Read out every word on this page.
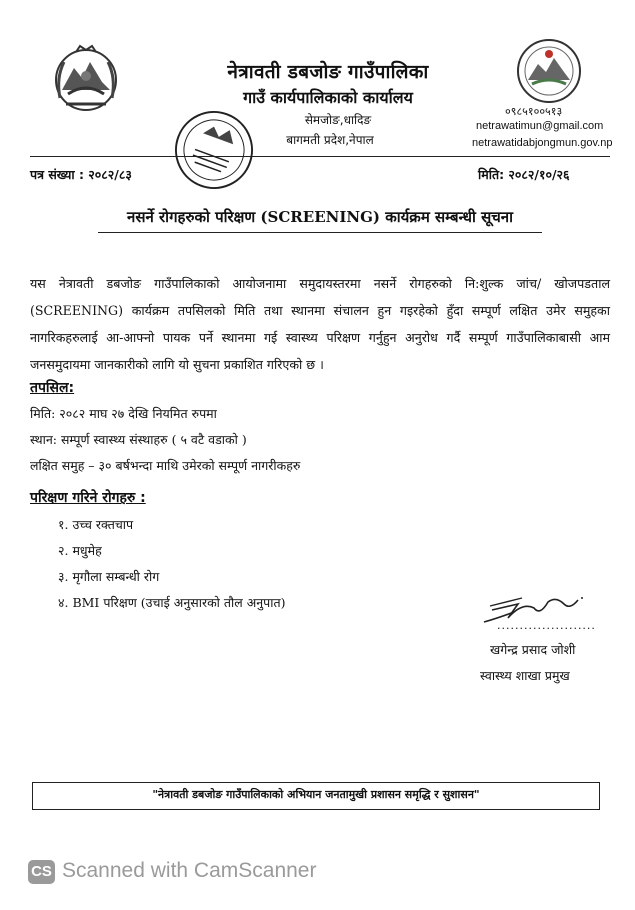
नेत्रावती डबजोङ गाउँपालिका
गाउँ कार्यपालिकाको कार्यालय
सेमजोङ,धादिङ
बागमती प्रदेश,नेपाल
०९८५१००५१३
netrawatimun@gmail.com
netrawatidabjongmun.gov.np
पत्र संख्या : २०८२/८३	मिति: २०८२/१०/२६
नसर्ने रोगहरुको परिक्षण (SCREENING) कार्यक्रम सम्बन्धी सूचना
यस नेत्रावती डबजोङ गाउँपालिकाको आयोजनामा समुदायस्तरमा नसर्ने रोगहरुको नि:शुल्क जांच/ खोजपडताल (SCREENING) कार्यक्रम तपसिलको मिति तथा स्थानमा संचालन हुन गइरहेको हुँदा सम्पूर्ण लक्षित उमेर समुहका नागरिकहरुलाई आ-आफ्नो पायक पर्ने स्थानमा गई स्वास्थ्य परिक्षण गर्नुहुन अनुरोध गर्दै सम्पूर्ण गाउँपालिकाबासी आम जनसमुदायमा जानकारीको लागि यो सुचना प्रकाशित गरिएको छ ।
तपसिल:
मिति: २०८२ माघ २७ देखि नियमित रुपमा
स्थान: सम्पूर्ण स्वास्थ्य संस्थाहरु ( ५ वटै वडाको )
लक्षित समुह – ३० बर्षभन्दा माथि उमेरको सम्पूर्ण नागरीकहरु
परिक्षण गरिने रोगहरु :
१. उच्च रक्तचाप
२. मधुमेह
३. मृगौला सम्बन्धी रोग
४. BMI परिक्षण (उचाई अनुसारको तौल अनुपात)
......................
खगेन्द्र प्रसाद जोशी
स्वास्थ्य शाखा प्रमुख
"नेत्रावती डबजोङ गाउँपालिकाको अभियान जनतामुखी प्रशासन समृद्धि र सुशासन"
CS Scanned with CamScanner
